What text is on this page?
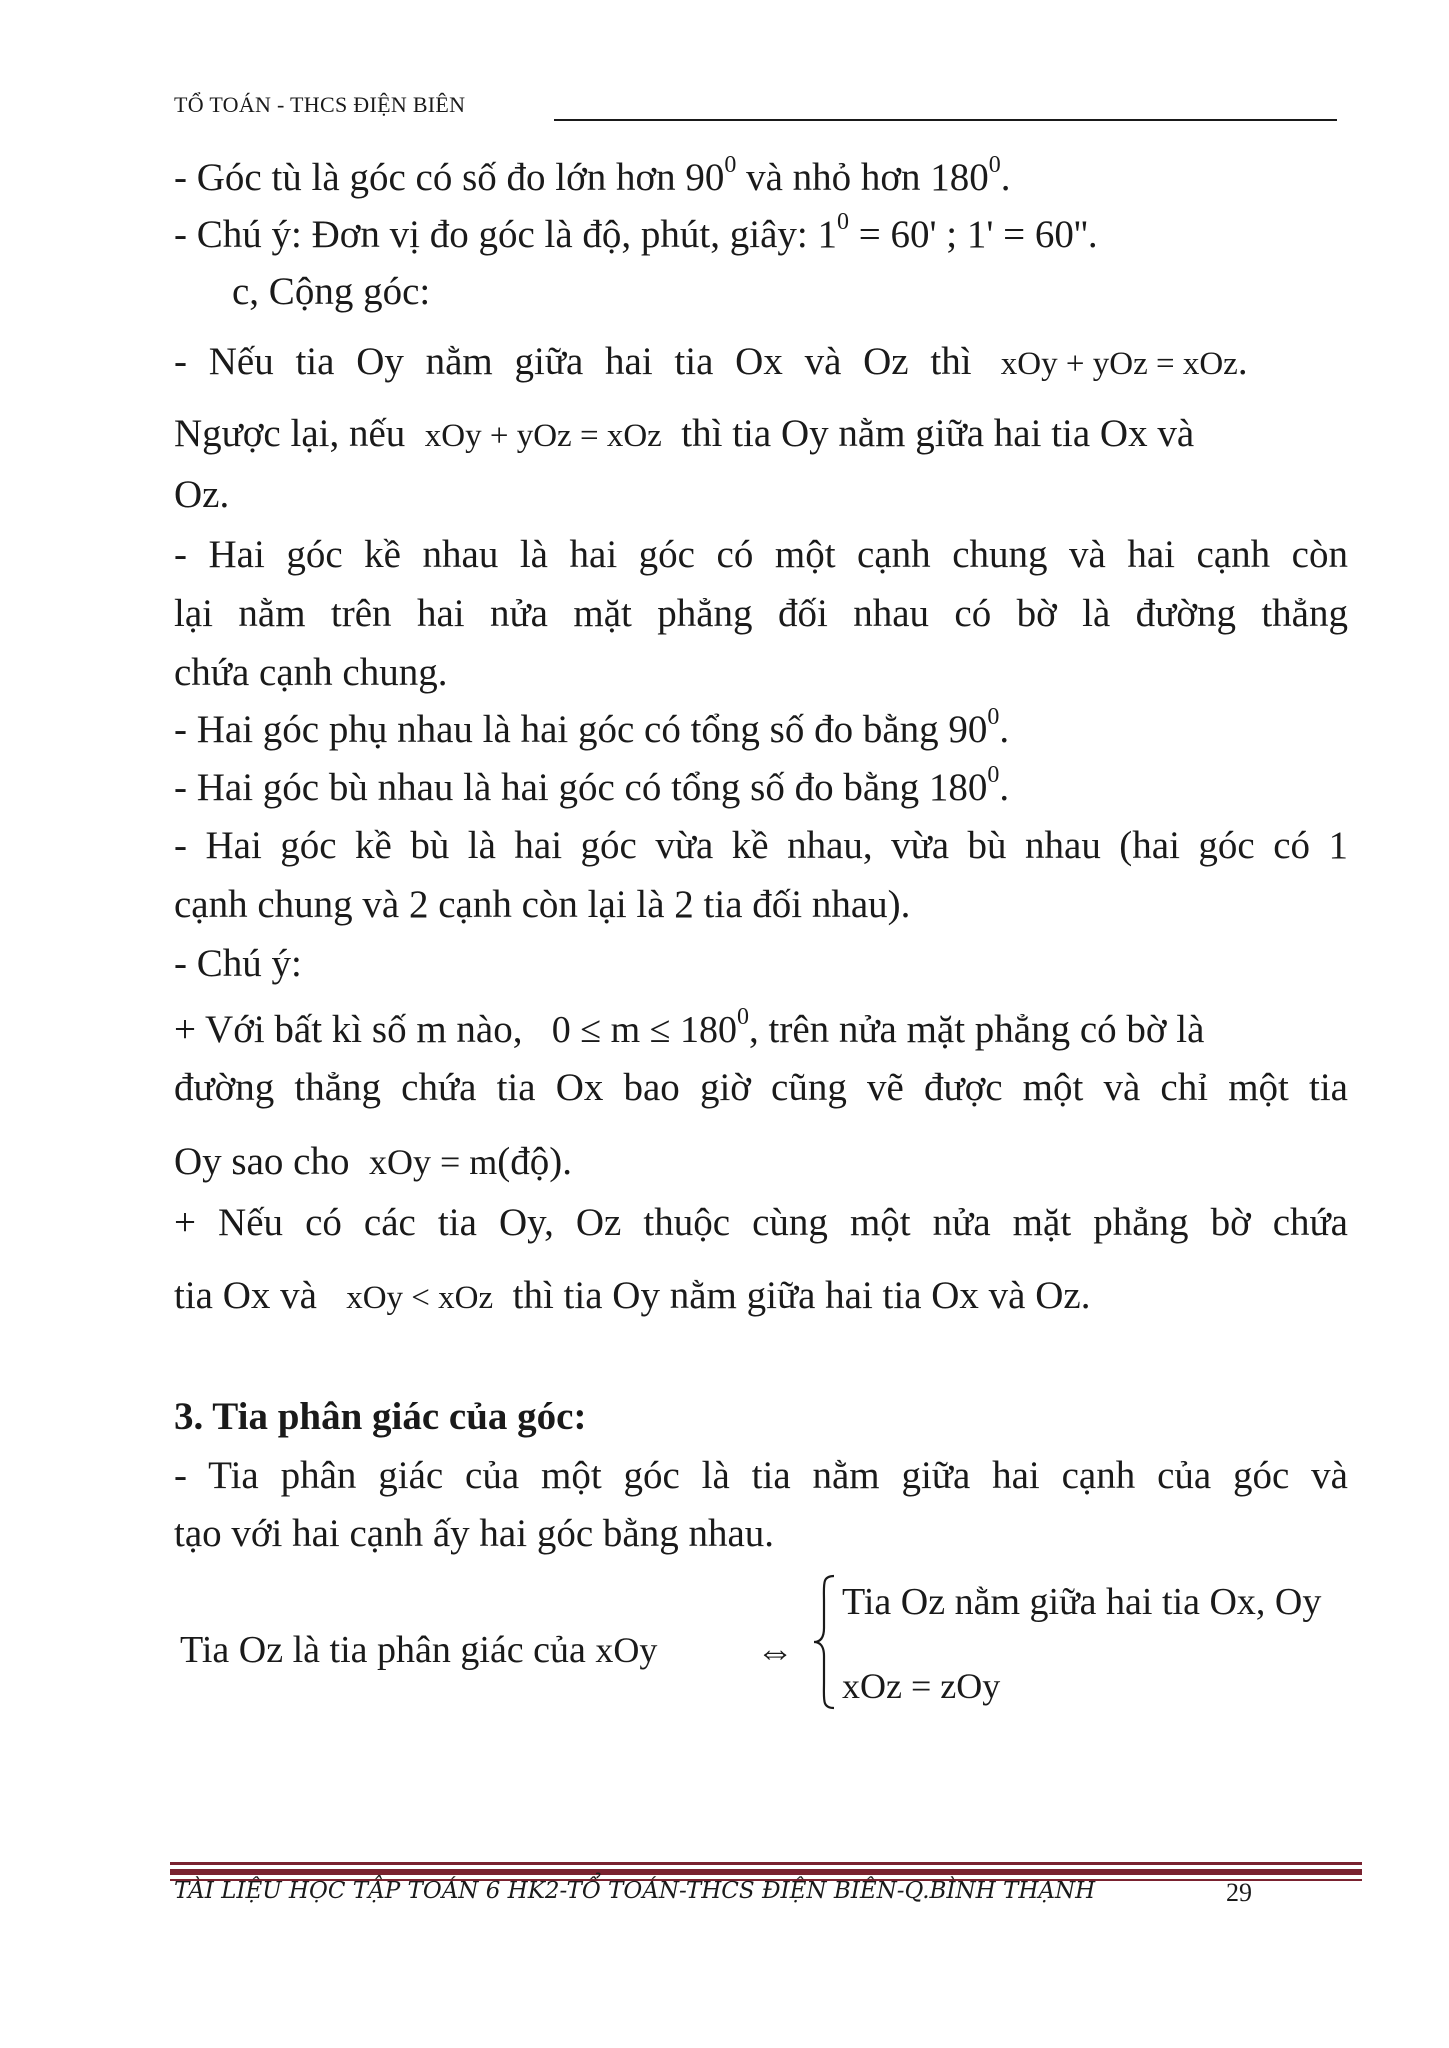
TỔ TOÁN - THCS ĐIỆN BIÊN
- Góc tù là góc có số đo lớn hơn $90^0$ và nhỏ hơn $180^0$.
- Chú ý: Đơn vị đo góc là độ, phút, giây: $1^0 = 60'$ ; 1' = 60''.
c, Cộng góc:
- Nếu tia Oy nằm giữa hai tia Ox và Oz thì xOy + yOz = xOz.
Ngược lại, nếu xOy + yOz = xOz thì tia Oy nằm giữa hai tia Ox và
Oz.
- Hai góc kề nhau là hai góc có một cạnh chung và hai cạnh còn
lại nằm trên hai nửa mặt phẳng đối nhau có bờ là đường thẳng
chứa cạnh chung.
- Hai góc phụ nhau là hai góc có tổng số đo bằng $90^0$.
- Hai góc bù nhau là hai góc có tổng số đo bằng $180^0$.
- Hai góc kề bù là hai góc vừa kề nhau, vừa bù nhau (hai góc có 1
cạnh chung và 2 cạnh còn lại là 2 tia đối nhau).
- Chú ý:
+ Với bất kì số m nào, $0 \le m \le 180^0$, trên nửa mặt phẳng có bờ là
đường thẳng chứa tia Ox bao giờ cũng vẽ được một và chỉ một tia
Oy sao cho xOy = m(độ).
+ Nếu có các tia Oy, Oz thuộc cùng một nửa mặt phẳng bờ chứa
tia Ox và xOy < xOz thì tia Oy nằm giữa hai tia Ox và Oz.
3. Tia phân giác của góc:
- Tia phân giác của một góc là tia nằm giữa hai cạnh của góc và
tạo với hai cạnh ấy hai góc bằng nhau.
Tia Oz là tia phân giác của xOy	⇔
Tia Oz nằm giữa hai tia Ox, Oy
xOz = zOy
TÀI LIỆU HỌC TẬP TOÁN 6 HK2-TỔ TOÁN-THCS ĐIỆN BIÊN-Q.BÌNH THẠNH	29
